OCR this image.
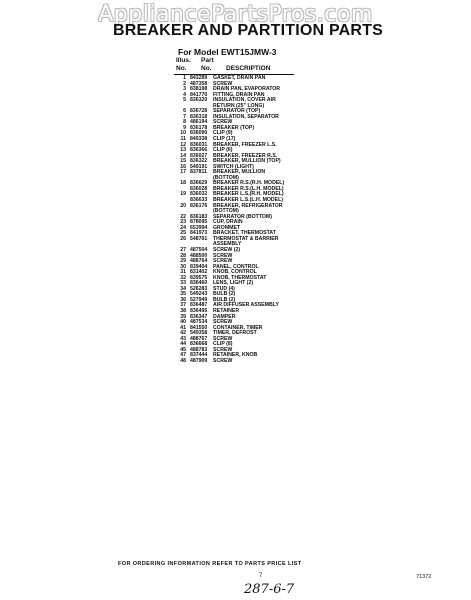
AppliancePartsPros.com
BREAKER AND PARTITION PARTS
For Model EWT15JMW-3
Illus. Part
No. No. DESCRIPTION
1 843289 GASKET, DRAIN PAN
2 487358 SCREW
3 838198 DRAIN PAN, EVAPORATOR
4 841770 FITTING, DRAIN PAN
5 836320 INSULATION, COVER AIR
RETURN (25" LONG)
6 836728 SEPARATOR (TOP)
7 836318 INSULATION, SEPARATOR
8 486194 SCREW
9 836178 BREAKER (TOP)
10 836090 CLIP (9)
11 840338 CLIP (17)
12 836031 BREAKER, FREEZER L.S.
13 836366 CLIP (6)
14 836027 BREAKER, FREEZER R.S.
15 836322 BREAKER, MULLION (TOP)
16 549191 SWITCH (LIGHT)
17 837811 BREAKER, MULLION
(BOTTOM)
18 836629 BREAKER R.S.(R.H. MODEL)
836028 BREAKER R.S.(L.H. MODEL)
19 836032 BREAKER L.S.(R.H. MODEL)
836633 BREAKER L.S.(L.H. MODEL)
20 836176 BREAKER, REFRIGERATOR
(BOTTOM)
22 836183 SEPARATOR (BOTTOM)
23 878095 CUP, DRAIN
24 653994 GROMMET
25 841973 BRACKET, THERMOSTAT
26 548761 THERMOSTAT & BARRIER
ASSEMBLY
27 487504 SCREW (2)
28 488500 SCREW
29 488764 SCREW
30 839404 PANEL, CONTROL
31 831402 KNOB, CONTROL
32 839575 KNOB, THERMOSTAT
33 836460 LENS, LIGHT (2)
34 526283 STUD (4)
35 549243 BULB (2)
36 527949 BULB (2)
37 836487 AIR DIFFUSER ASSEMBLY
38 836495 RETAINER
39 836347 DAMPER
40 487534 SCREW
41 841550 CONTAINER, TIMER
42 549358 TIMER, DEFROST
43 488767 SCREW
44 836668 CLIP (8)
45 488783 SCREW
47 837444 RETAINER, KNOB
48 487909 SCREW
FOR ORDERING INFORMATION REFER TO PARTS PRICE LIST
7	71372
287-6-7
